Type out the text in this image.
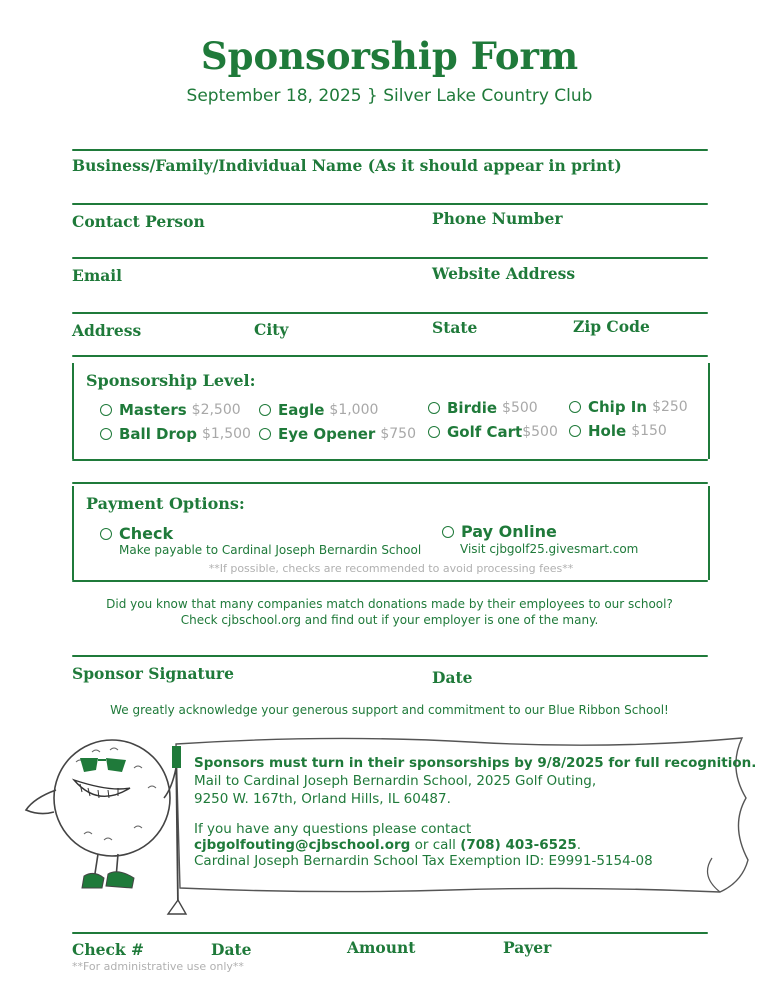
Sponsorship Form
September 18, 2025 } Silver Lake Country Club
Business/Family/Individual Name (As it should appear in print)
Contact Person	Phone Number
Email	Website Address
Address	City	State	Zip Code
Sponsorship Level:
Masters $2,500 Eagle $1,000	Birdie $500	Chip In $250
Ball Drop $1,500 Eye Opener $750 Golf Cart $500 Hole $150
Payment Options:
Check
Make payable to Cardinal Joseph Bernardin School
Pay Online
Visit cjbgolf25.givesmart.com
**If possible, checks are recommended to avoid processing fees**
Did you know that many companies match donations made by their employees to our school?
Check cjbschool.org and find out if your employer is one of the many.
Sponsor Signature	Date
We greatly acknowledge your generous support and commitment to our Blue Ribbon School!
Sponsors must turn in their sponsorships by 9/8/2025 for full recognition.
Mail to Cardinal Joseph Bernardin School, 2025 Golf Outing,
9250 W. 167th, Orland Hills, IL 60487.
If you have any questions please contact
cjbgolfouting@cjbschool.org or call (708) 403-6525.
Cardinal Joseph Bernardin School Tax Exemption ID: E9991-5154-08
Check #	Date	Amount	Payer
**For administrative use only**
